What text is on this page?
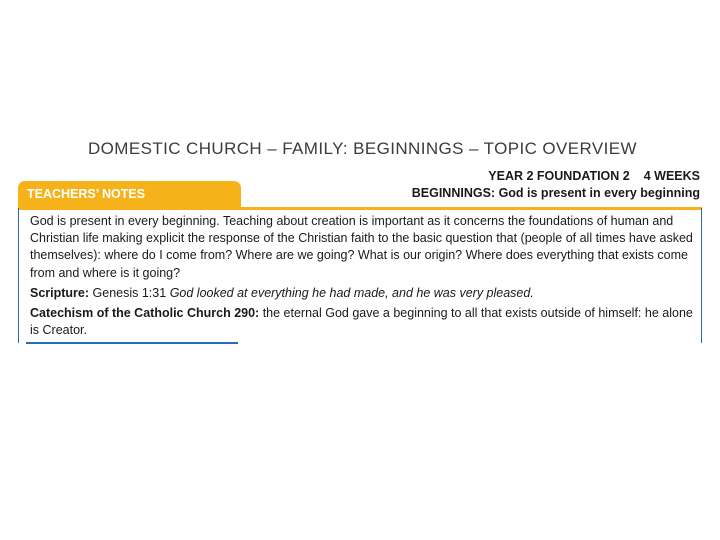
DOMESTIC CHURCH – FAMILY: BEGINNINGS – TOPIC OVERVIEW
YEAR 2 FOUNDATION 2 4 WEEKS
BEGINNINGS: God is present in every beginning
TEACHERS’ NOTES

God is present in every beginning. Teaching about creation is important as it concerns the foundations of human and Christian life making explicit the response of the Christian faith to the basic question that (people of all times have asked themselves): where do I come from? Where are we going? What is our origin? Where does everything that exists come from and where is it going?

Scripture: Genesis 1:31 God looked at everything he had made, and he was very pleased.

Catechism of the Catholic Church 290: the eternal God gave a beginning to all that exists outside of himself: he alone is Creator.
